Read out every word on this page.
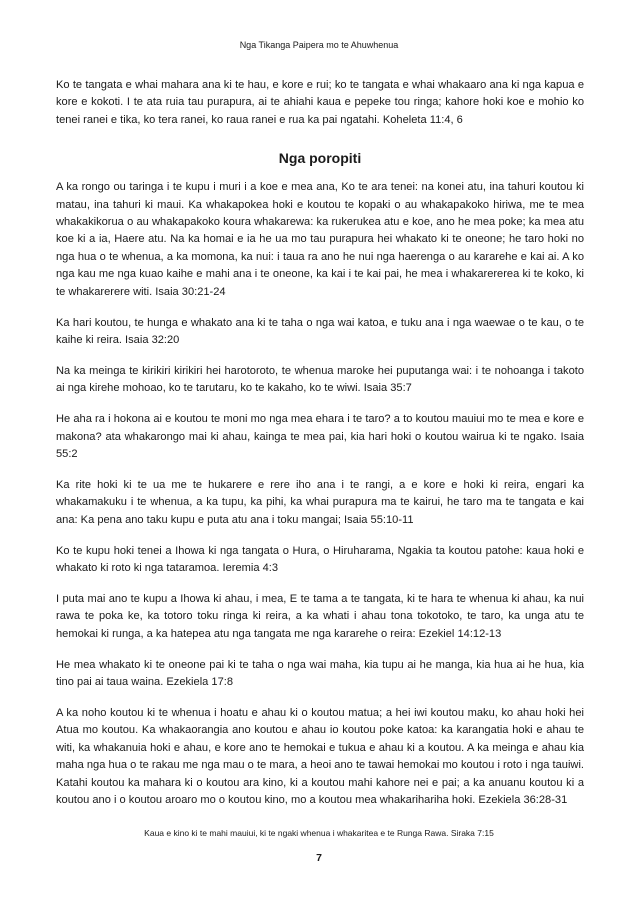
Nga Tikanga Paipera mo te Ahuwhenua

Ko te tangata e whai mahara ana ki te hau, e kore e rui; ko te tangata e whai whakaaro ana ki nga kapua e kore e kokoti. I te ata ruia tau purapura, ai te ahiahi kaua e pepeke tou ringa; kahore hoki koe e mohio ko tenei ranei e tika, ko tera ranei, ko raua ranei e rua ka pai ngatahi. Koheleta 11:4, 6

Nga poropiti

A ka rongo ou taringa i te kupu i muri i a koe e mea ana, Ko te ara tenei: na konei atu, ina tahuri koutou ki matau, ina tahuri ki maui. Ka whakapokea hoki e koutou te kopaki o au whakapakoko hiriwa, me te mea whakakikorua o au whakapakoko koura whakarewa: ka rukerukea atu e koe, ano he mea poke; ka mea atu koe ki a ia, Haere atu. Na ka homai e ia he ua mo tau purapura hei whakato ki te oneone; he taro hoki no nga hua o te whenua, a ka momona, ka nui: i taua ra ano he nui nga haerenga o au kararehe e kai ai. A ko nga kau me nga kuao kaihe e mahi ana i te oneone, ka kai i te kai pai, he mea i whakarererea ki te koko, ki te whakarerere witi. Isaia 30:21-24

Ka hari koutou, te hunga e whakato ana ki te taha o nga wai katoa, e tuku ana i nga waewae o te kau, o te kaihe ki reira. Isaia 32:20

Na ka meinga te kirikiri kirikiri hei harotoroto, te whenua maroke hei puputanga wai: i te nohoanga i takoto ai nga kirehe mohoao, ko te tarutaru, ko te kakaho, ko te wiwi. Isaia 35:7

He aha ra i hokona ai e koutou te moni mo nga mea ehara i te taro? a to koutou mauiui mo te mea e kore e makona? ata whakarongo mai ki ahau, kainga te mea pai, kia hari hoki o koutou wairua ki te ngako. Isaia 55:2

Ka rite hoki ki te ua me te hukarere e rere iho ana i te rangi, a e kore e hoki ki reira, engari ka whakamakuku i te whenua, a ka tupu, ka pihi, ka whai purapura ma te kairui, he taro ma te tangata e kai ana: Ka pena ano taku kupu e puta atu ana i toku mangai; Isaia 55:10-11

Ko te kupu hoki tenei a Ihowa ki nga tangata o Hura, o Hiruharama, Ngakia ta koutou patohe: kaua hoki e whakato ki roto ki nga tataramoa. Ieremia 4:3

I puta mai ano te kupu a Ihowa ki ahau, i mea, E te tama a te tangata, ki te hara te whenua ki ahau, ka nui rawa te poka ke, ka totoro toku ringa ki reira, a ka whati i ahau tona tokotoko, te taro, ka unga atu te hemokai ki runga, a ka hatepea atu nga tangata me nga kararehe o reira: Ezekiel 14:12-13

He mea whakato ki te oneone pai ki te taha o nga wai maha, kia tupu ai he manga, kia hua ai he hua, kia tino pai ai taua waina. Ezekiela 17:8

A ka noho koutou ki te whenua i hoatu e ahau ki o koutou matua; a hei iwi koutou maku, ko ahau hoki hei Atua mo koutou. Ka whakaorangia ano koutou e ahau io koutou poke katoa: ka karangatia hoki e ahau te witi, ka whakanuia hoki e ahau, e kore ano te hemokai e tukua e ahau ki a koutou. A ka meinga e ahau kia maha nga hua o te rakau me nga mau o te mara, a heoi ano te tawai hemokai mo koutou i roto i nga tauiwi. Katahi koutou ka mahara ki o koutou ara kino, ki a koutou mahi kahore nei e pai; a ka anuanu koutou ki a koutou ano i o koutou aroaro mo o koutou kino, mo a koutou mea whakarihariha hoki. Ezekiela 36:28-31

Kaua e kino ki te mahi mauiui, ki te ngaki whenua i whakaritea e te Runga Rawa. Siraka 7:15
7
